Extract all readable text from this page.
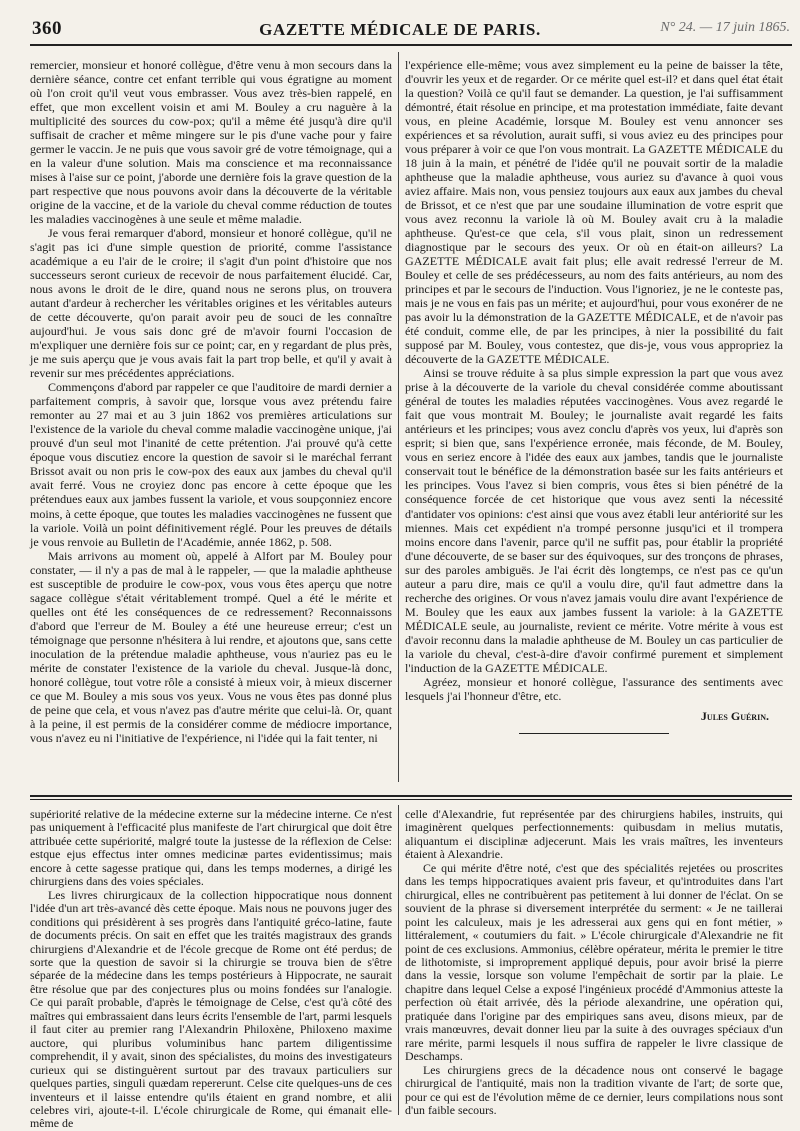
360	GAZETTE MÉDICALE DE PARIS.	N° 24. — 17 juin 1865.

remercier, monsieur et honoré collègue, d'être venu à mon secours dans la dernière séance, contre cet enfant terrible qui vous égratigne au moment où l'on croit qu'il veut vous embrasser. Vous avez très-bien rappelé, en effet, que mon excellent voisin et ami M. Bouley a cru naguère à la multiplicité des sources du cow-pox; qu'il a même été jusqu'à dire qu'il suffisait de cracher et même mingere sur le pis d'une vache pour y faire germer le vaccin. Je ne puis que vous savoir gré de votre témoignage, qui a en la valeur d'une solution. Mais ma conscience et ma reconnaissance mises à l'aise sur ce point, j'aborde une dernière fois la grave question de la part respective que nous pouvons avoir dans la découverte de la véritable origine de la vaccine, et de la variole du cheval comme réduction de toutes les maladies vaccinogènes à une seule et même maladie.

Je vous ferai remarquer d'abord, monsieur et honoré collègue, qu'il ne s'agit pas ici d'une simple question de priorité, comme l'assistance académique a eu l'air de le croire; il s'agit d'un point d'histoire que nos successeurs seront curieux de recevoir de nous parfaitement élucidé. Car, nous avons le droit de le dire, quand nous ne serons plus, on trouvera autant d'ardeur à rechercher les véritables origines et les véritables auteurs de cette découverte, qu'on parait avoir peu de souci de les connaître aujourd'hui. Je vous sais donc gré de m'avoir fourni l'occasion de m'expliquer une dernière fois sur ce point; car, en y regardant de plus près, je me suis aperçu que je vous avais fait la part trop belle, et qu'il y avait à revenir sur mes précédentes appréciations.

Commençons d'abord par rappeler ce que l'auditoire de mardi dernier a parfaitement compris, à savoir que, lorsque vous avez prétendu faire remonter au 27 mai et au 3 juin 1862 vos premières articulations sur l'existence de la variole du cheval comme maladie vaccinogène unique, j'ai prouvé d'un seul mot l'inanité de cette prétention. J'ai prouvé qu'à cette époque vous discutiez encore la question de savoir si le maréchal ferrant Brissot avait ou non pris le cow-pox des eaux aux jambes du cheval qu'il avait ferré. Vous ne croyiez donc pas encore à cette époque que les prétendues eaux aux jambes fussent la variole, et vous soupçonniez encore moins, à cette époque, que toutes les maladies vaccinogènes ne fussent que la variole. Voilà un point définitivement réglé. Pour les preuves de détails je vous renvoie au Bulletin de l'Académie, année 1862, p. 508.

Mais arrivons au moment où, appelé à Alfort par M. Bouley pour constater, — il n'y a pas de mal à le rappeler, — que la maladie aphtheuse est susceptible de produire le cow-pox, vous vous êtes aperçu que notre sagace collègue s'était véritablement trompé. Quel a été le mérite et quelles ont été les conséquences de ce redressement? Reconnaissons d'abord que l'erreur de M. Bouley a été une heureuse erreur; c'est un témoignage que personne n'hésitera à lui rendre, et ajoutons que, sans cette inoculation de la prétendue maladie aphtheuse, vous n'auriez pas eu le mérite de constater l'existence de la variole du cheval. Jusque-là donc, honoré collègue, tout votre rôle a consisté à mieux voir, à mieux discerner ce que M. Bouley a mis sous vos yeux. Vous ne vous êtes pas donné plus de peine que cela, et vous n'avez pas d'autre mérite que celui-là. Or, quant à la peine, il est permis de la considérer comme de médiocre importance, vous n'avez eu ni l'initiative de l'expérience, ni l'idée qui la fait tenter, ni

l'expérience elle-même; vous avez simplement eu la peine de baisser la tête, d'ouvrir les yeux et de regarder. Or ce mérite quel est-il? et dans quel état était la question? Voilà ce qu'il faut se demander. La question, je l'ai suffisamment démontré, était résolue en principe, et ma protestation immédiate, faite devant vous, en pleine Académie, lorsque M. Bouley est venu annoncer ses expériences et sa révolution, aurait suffi, si vous aviez eu des principes pour vous préparer à voir ce que l'on vous montrait. La GAZETTE MÉDICALE du 18 juin à la main, et pénétré de l'idée qu'il ne pouvait sortir de la maladie aphtheuse que la maladie aphtheuse, vous auriez su d'avance à quoi vous aviez affaire. Mais non, vous pensiez toujours aux eaux aux jambes du cheval de Brissot, et ce n'est que par une soudaine illumination de votre esprit que vous avez reconnu la variole là où M. Bouley avait cru à la maladie aphtheuse. Qu'est-ce que cela, s'il vous plait, sinon un redressement diagnostique par le secours des yeux. Or où en était-on ailleurs? La GAZETTE MÉDICALE avait fait plus; elle avait redressé l'erreur de M. Bouley et celle de ses prédécesseurs, au nom des faits antérieurs, au nom des principes et par le secours de l'induction. Vous l'ignoriez, je ne le conteste pas, mais je ne vous en fais pas un mérite; et aujourd'hui, pour vous exonérer de ne pas avoir lu la démonstration de la GAZETTE MÉDICALE, et de n'avoir pas été conduit, comme elle, de par les principes, à nier la possibilité du fait supposé par M. Bouley, vous contestez, que dis-je, vous vous appropriez la découverte de la GAZETTE MÉDICALE.

Ainsi se trouve réduite à sa plus simple expression la part que vous avez prise à la découverte de la variole du cheval considérée comme aboutissant général de toutes les maladies réputées vaccinogènes. Vous avez regardé le fait que vous montrait M. Bouley; le journaliste avait regardé les faits antérieurs et les principes; vous avez conclu d'après vos yeux, lui d'après son esprit; si bien que, sans l'expérience erronée, mais féconde, de M. Bouley, vous en seriez encore à l'idée des eaux aux jambes, tandis que le journaliste conservait tout le bénéfice de la démonstration basée sur les faits antérieurs et les principes. Vous l'avez si bien compris, vous êtes si bien pénétré de la conséquence forcée de cet historique que vous avez senti la nécessité d'antidater vos opinions: c'est ainsi que vous avez établi leur antériorité sur les miennes. Mais cet expédient n'a trompé personne jusqu'ici et il trompera moins encore dans l'avenir, parce qu'il ne suffit pas, pour établir la propriété d'une découverte, de se baser sur des équivoques, sur des tronçons de phrases, sur des paroles ambiguës. Je l'ai écrit dès longtemps, ce n'est pas ce qu'un auteur a paru dire, mais ce qu'il a voulu dire, qu'il faut admettre dans la recherche des origines. Or vous n'avez jamais voulu dire avant l'expérience de M. Bouley que les eaux aux jambes fussent la variole: à la GAZETTE MÉDICALE seule, au journaliste, revient ce mérite. Votre mérite à vous est d'avoir reconnu dans la maladie aphtheuse de M. Bouley un cas particulier de la variole du cheval, c'est-à-dire d'avoir confirmé purement et simplement l'induction de la GAZETTE MÉDICALE.

Agréez, monsieur et honoré collègue, l'assurance des sentiments avec lesquels j'ai l'honneur d'être, etc.

Jules Guérin.

supériorité relative de la médecine externe sur la médecine interne. Ce n'est pas uniquement à l'efficacité plus manifeste de l'art chirurgical que doit être attribuée cette supériorité, malgré toute la justesse de la réflexion de Celse: estque ejus effectus inter omnes medicinæ partes evidentissimus; mais encore à cette sagesse pratique qui, dans les temps modernes, a dirigé les chirurgiens dans des voies spéciales.

Les livres chirurgicaux de la collection hippocratique nous donnent l'idée d'un art très-avancé dès cette époque. Mais nous ne pouvons juger des conditions qui présidèrent à ses progrès dans l'antiquité gréco-latine, faute de documents précis. On sait en effet que les traités magistraux des grands chirurgiens d'Alexandrie et de l'école grecque de Rome ont été perdus; de sorte que la question de savoir si la chirurgie se trouva bien de s'être séparée de la médecine dans les temps postérieurs à Hippocrate, ne saurait être résolue que par des conjectures plus ou moins fondées sur l'analogie. Ce qui paraît probable, d'après le témoignage de Celse, c'est qu'à côté des maîtres qui embrassaient dans leurs écrits l'ensemble de l'art, parmi lesquels il faut citer au premier rang l'Alexandrin Philoxène, Philoxeno maxime auctore, qui pluribus voluminibus hanc partem diligentissime comprehendit, il y avait, sinon des spécialistes, du moins des investigateurs curieux qui se distinguèrent surtout par des travaux particuliers sur quelques parties, singuli quædam repererunt. Celse cite quelques-uns de ces inventeurs et il laisse entendre qu'ils étaient en grand nombre, et alii celebres viri, ajoute-t-il. L'école chirurgicale de Rome, qui émanait elle-même de

celle d'Alexandrie, fut représentée par des chirurgiens habiles, instruits, qui imaginèrent quelques perfectionnements: quibusdam in melius mutatis, aliquantum ei disciplinæ adjecerunt. Mais les vrais maîtres, les inventeurs étaient à Alexandrie.

Ce qui mérite d'être noté, c'est que des spécialités rejetées ou proscrites dans les temps hippocratiques avaient pris faveur, et qu'introduites dans l'art chirurgical, elles ne contribuèrent pas petitement à lui donner de l'éclat. On se souvient de la phrase si diversement interprétée du serment: « Je ne taillerai point les calculeux, mais je les adresserai aux gens qui en font métier, » littéralement, « coutumiers du fait. » L'école chirurgicale d'Alexandrie ne fit point de ces exclusions. Ammonius, célèbre opérateur, mérita le premier le titre de lithotomiste, si improprement appliqué depuis, pour avoir brisé la pierre dans la vessie, lorsque son volume l'empêchait de sortir par la plaie. Le chapitre dans lequel Celse a exposé l'ingénieux procédé d'Ammonius atteste la perfection où était arrivée, dès la période alexandrine, une opération qui, pratiquée dans l'origine par des empiriques sans aveu, disons mieux, par de vrais manœuvres, devait donner lieu par la suite à des ouvrages spéciaux d'un rare mérite, parmi lesquels il nous suffira de rappeler le livre classique de Deschamps.

Les chirurgiens grecs de la décadence nous ont conservé le bagage chirurgical de l'antiquité, mais non la tradition vivante de l'art; de sorte que, pour ce qui est de l'évolution même de ce dernier, leurs compilations nous sont d'un faible secours.
